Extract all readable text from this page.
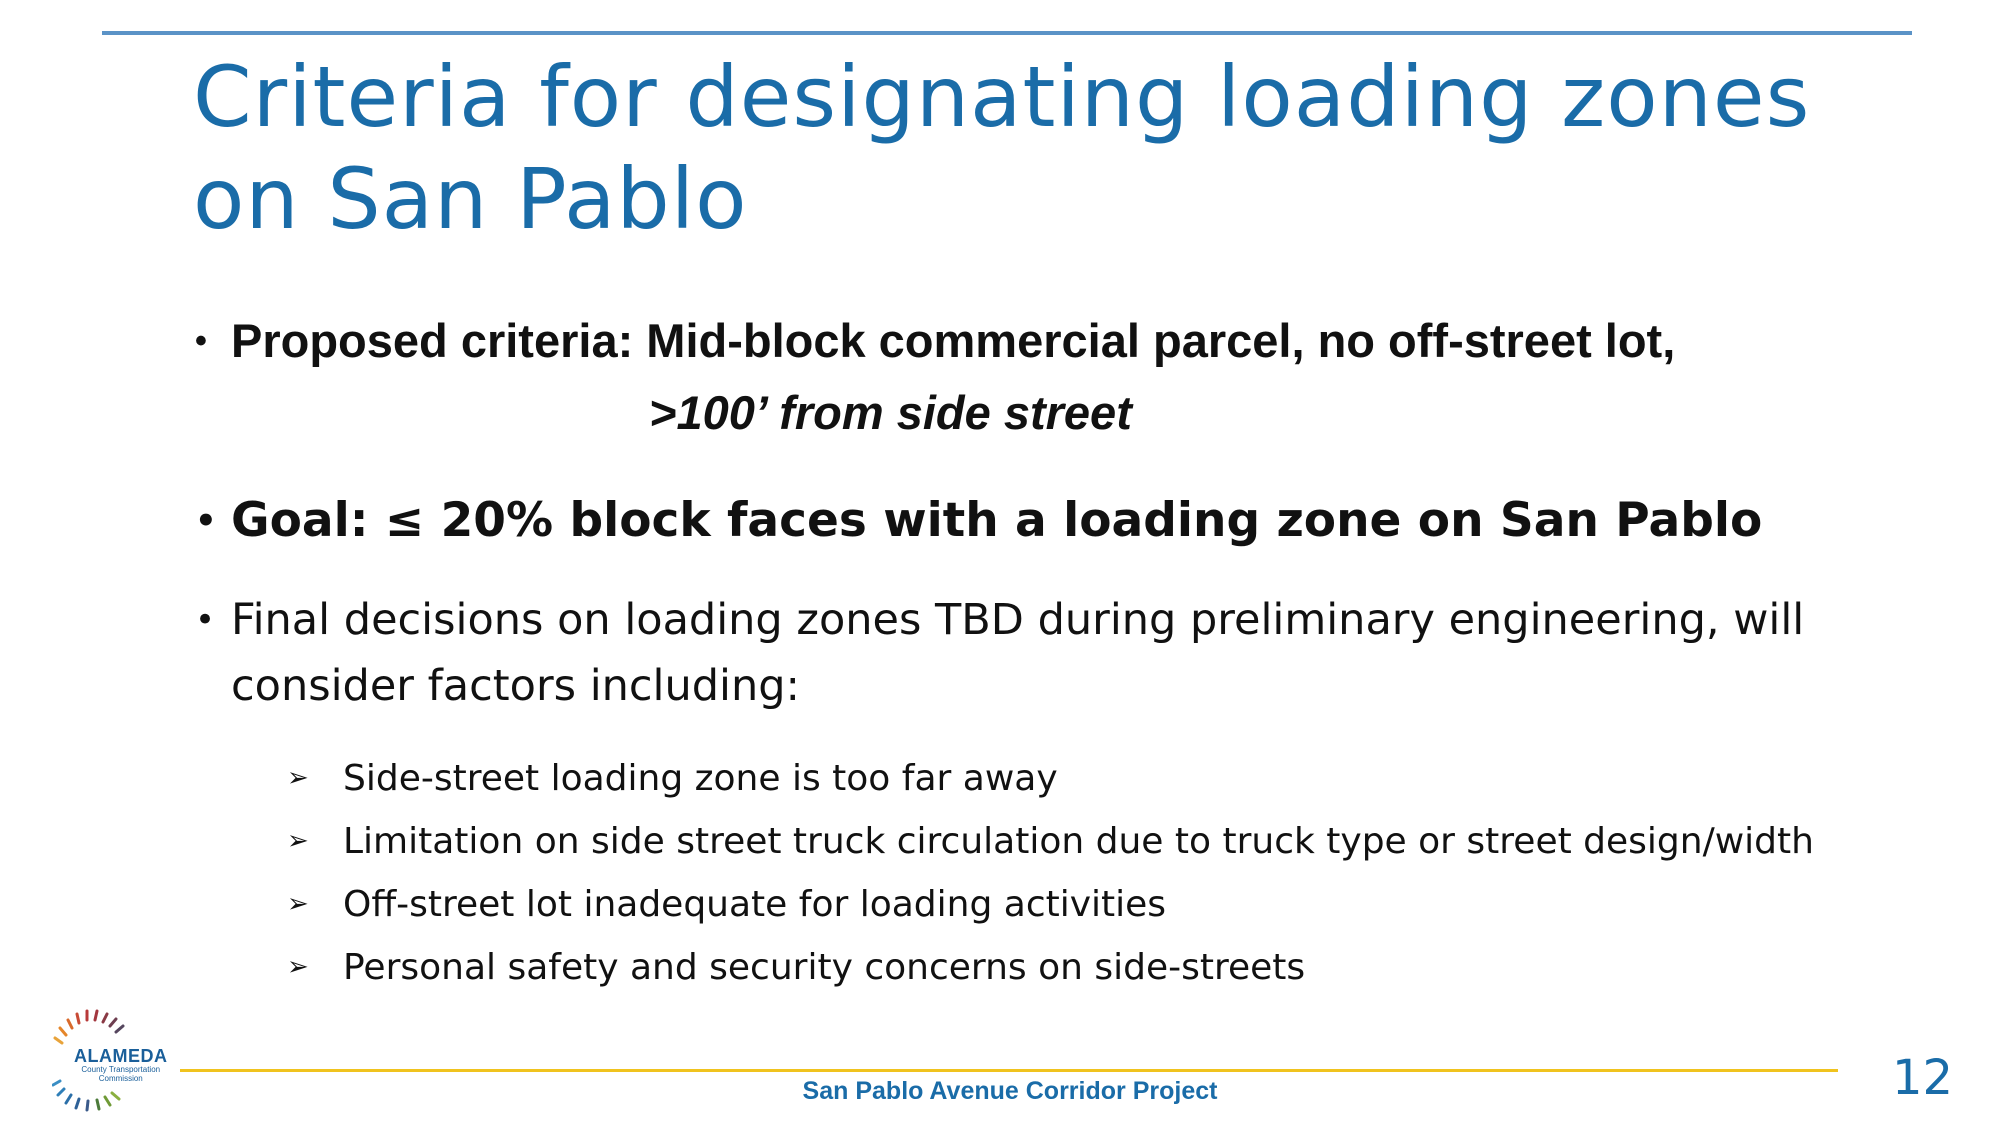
Criteria for designating loading zones
on San Pablo
• Proposed criteria: Mid-block commercial parcel, no off-street lot,
>100’ from side street
• Goal: ≤ 20% block faces with a loading zone on San Pablo
• Final decisions on loading zones TBD during preliminary engineering, will consider factors including:
➢ Side-street loading zone is too far away
➢ Limitation on side street truck circulation due to truck type or street design/width
➢ Off-street lot inadequate for loading activities
➢ Personal safety and security concerns on side-streets
ALAMEDA
County Transportation
Commission	San Pablo Avenue Corridor Project	12
